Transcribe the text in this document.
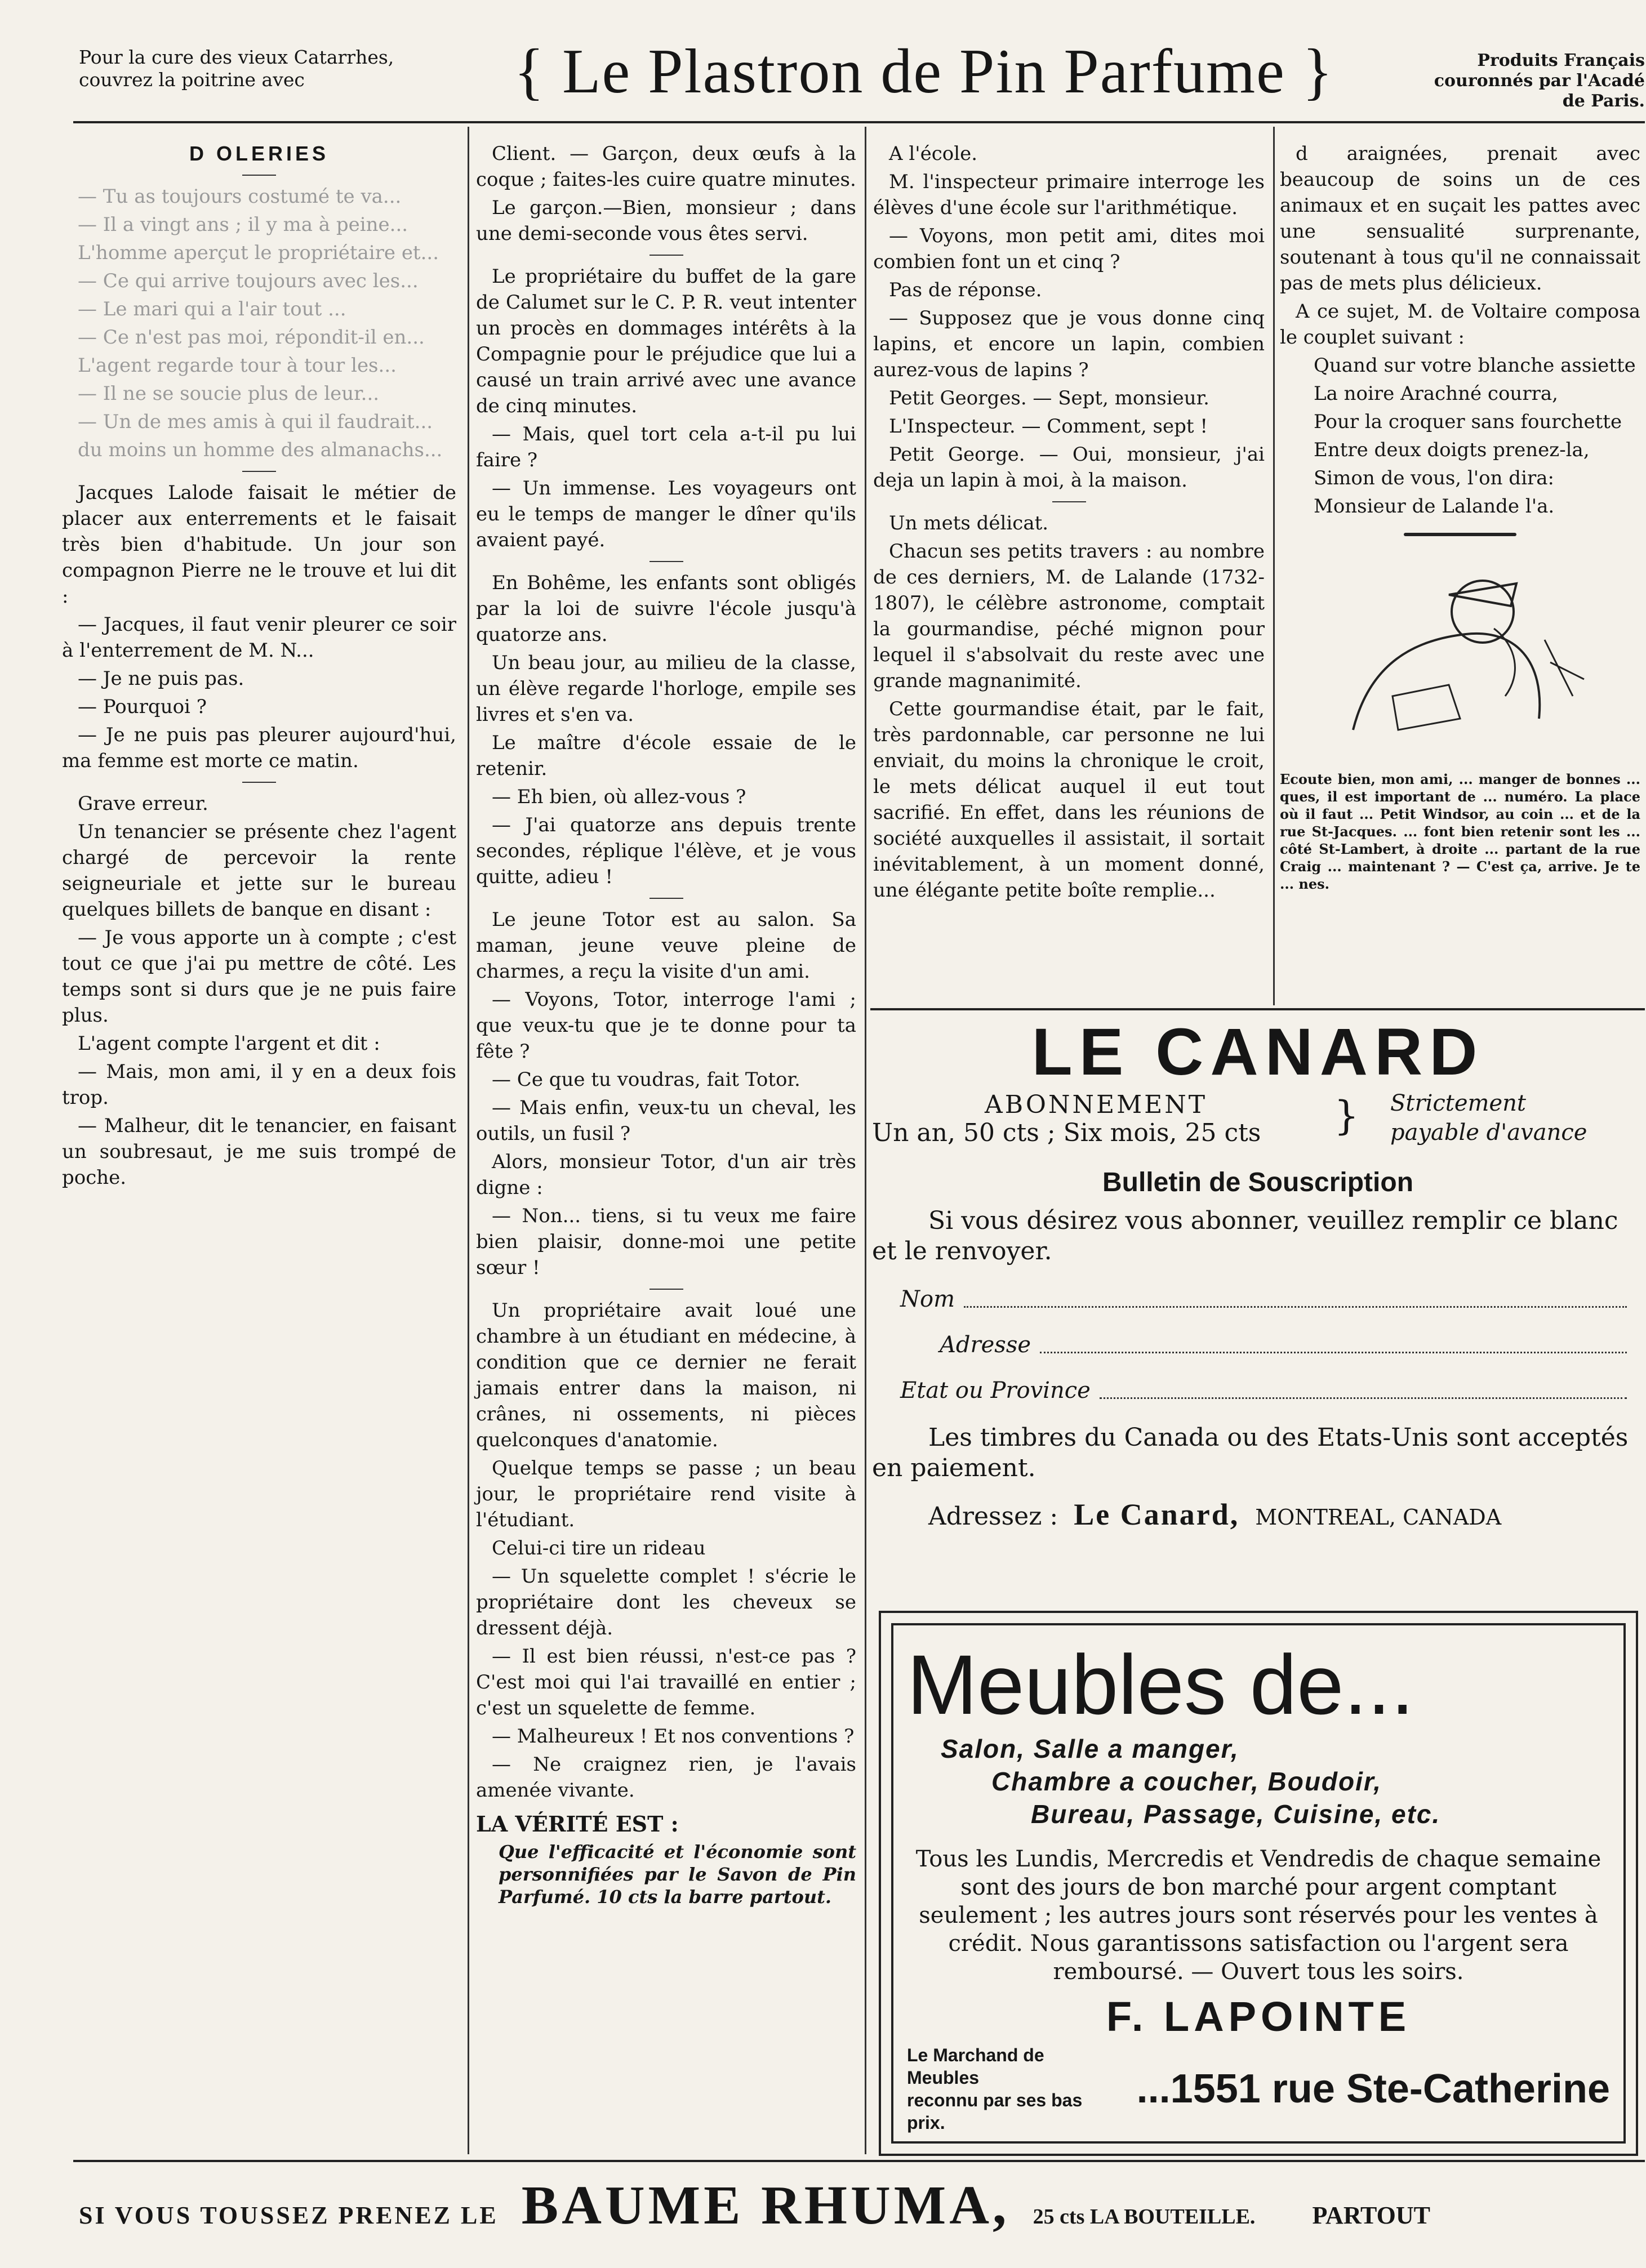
Pour la cure des vieux Catarrhes,
couvrez la poitrine avec	{ Le Plastron de Pin Parfume }	Produits Français
couronnés par l'Acadé
de Paris.
D OLERIES

— Tu as toujours costumé te va...

— Il a vingt ans ; il y ma à peine...

L'homme aperçut le propriétaire et...

— Ce qui arrive toujours avec les...

— Le mari qui a l'air tout ...

— Ce n'est pas moi, répondit-il en...

L'agent regarde tour à tour les...

— Il ne se soucie plus de leur...

— Un de mes amis à qui il faudrait...

du moins un homme des almanachs...

Jacques Lalode faisait le métier de placer aux enterrements et le faisait très bien d'habitude. Un jour son compagnon Pierre ne le trouve et lui dit :

— Jacques, il faut venir pleurer ce soir à l'enterrement de M. N...

— Je ne puis pas.

— Pourquoi ?

— Je ne puis pas pleurer aujourd'hui, ma femme est morte ce matin.

Grave erreur.

Un tenancier se présente chez l'agent chargé de percevoir la rente seigneuriale et jette sur le bureau quelques billets de banque en disant :

— Je vous apporte un à compte ; c'est tout ce que j'ai pu mettre de côté. Les temps sont si durs que je ne puis faire plus.

L'agent compte l'argent et dit :

— Mais, mon ami, il y en a deux fois trop.

— Malheur, dit le tenancier, en faisant un soubresaut, je me suis trompé de poche.

Client. — Garçon, deux œufs à la coque ; faites-les cuire quatre minutes.

Le garçon.—Bien, monsieur ; dans une demi-seconde vous êtes servi.

Le propriétaire du buffet de la gare de Calumet sur le C. P. R. veut intenter un procès en dommages intérêts à la Compagnie pour le préjudice que lui a causé un train arrivé avec une avance de cinq minutes.

— Mais, quel tort cela a-t-il pu lui faire ?

— Un immense. Les voyageurs ont eu le temps de manger le dîner qu'ils avaient payé.

En Bohême, les enfants sont obligés par la loi de suivre l'école jusqu'à quatorze ans.

Un beau jour, au milieu de la classe, un élève regarde l'horloge, empile ses livres et s'en va.

Le maître d'école essaie de le retenir.

— Eh bien, où allez-vous ?

— J'ai quatorze ans depuis trente secondes, réplique l'élève, et je vous quitte, adieu !

Le jeune Totor est au salon. Sa maman, jeune veuve pleine de charmes, a reçu la visite d'un ami.

— Voyons, Totor, interroge l'ami ; que veux-tu que je te donne pour ta fête ?

— Ce que tu voudras, fait Totor.

— Mais enfin, veux-tu un cheval, les outils, un fusil ?

Alors, monsieur Totor, d'un air très digne :

— Non... tiens, si tu veux me faire bien plaisir, donne-moi une petite sœur !

Un propriétaire avait loué une chambre à un étudiant en médecine, à condition que ce dernier ne ferait jamais entrer dans la maison, ni crânes, ni ossements, ni pièces quelconques d'anatomie.

Quelque temps se passe ; un beau jour, le propriétaire rend visite à l'étudiant.

Celui-ci tire un rideau

— Un squelette complet ! s'écrie le propriétaire dont les cheveux se dressent déjà.

— Il est bien réussi, n'est-ce pas ? C'est moi qui l'ai travaillé en entier ; c'est un squelette de femme.

— Malheureux ! Et nos conventions ?

— Ne craignez rien, je l'avais amenée vivante.

LA VÉRITÉ EST :
Que l'efficacité et l'économie sont personnifiées par le Savon de Pin Parfumé. 10 cts la barre partout.

A l'école.

M. l'inspecteur primaire interroge les élèves d'une école sur l'arithmétique.

— Voyons, mon petit ami, dites moi combien font un et cinq ?

Pas de réponse.

— Supposez que je vous donne cinq lapins, et encore un lapin, combien aurez-vous de lapins ?

Petit Georges. — Sept, monsieur.

L'Inspecteur. — Comment, sept !

Petit George. — Oui, monsieur, j'ai deja un lapin à moi, à la maison.

Un mets délicat.

Chacun ses petits travers : au nombre de ces derniers, M. de Lalande (1732-1807), le célèbre astronome, comptait la gourmandise, péché mignon pour lequel il s'absolvait du reste avec une grande magnanimité.

Cette gourmandise était, par le fait, très pardonnable, car personne ne lui enviait, du moins la chronique le croit, le mets délicat auquel il eut tout sacrifié. En effet, dans les réunions de société auxquelles il assistait, il sortait inévitablement, à un moment donné, une élégante petite boîte remplie...

d araignées, prenait avec beaucoup de soins un de ces animaux et en suçait les pattes avec une sensualité surprenante, soutenant à tous qu'il ne connaissait pas de mets plus délicieux.

A ce sujet, M. de Voltaire composa le couplet suivant :

Quand sur votre blanche assiette

La noire Arachné courra,

Pour la croquer sans fourchette

Entre deux doigts prenez-la,

Simon de vous, l'on dira:

Monsieur de Lalande l'a.

Ecoute bien, mon ami, ... manger de bonnes ... ques, il est important de ... numéro. La place où il faut ... Petit Windsor, au coin ... et de la rue St-Jacques. ... font bien retenir sont les ... côté St-Lambert, à droite ... partant de la rue Craig ... maintenant ? — C'est ça, arrive. Je te ... nes.
LE CANARD
ABONNEMENT
Un an, 50 cts ; Six mois, 25 cts } Strictement
payable d'avance
Bulletin de Souscription
Si vous désirez vous abonner, veuillez remplir ce blanc et le renvoyer.
Nom
Adresse
Etat ou Province
Les timbres du Canada ou des Etats-Unis sont acceptés en paiement.
Adressez : Le Canard, MONTREAL, CANADA
Meubles de...
Salon, Salle a manger,
Chambre a coucher, Boudoir,
Bureau, Passage, Cuisine, etc.
Tous les Lundis, Mercredis et Vendredis de chaque semaine sont des jours de bon marché pour argent comptant seulement ; les autres jours sont réservés pour les ventes à crédit. Nous garantissons satisfaction ou l'argent sera remboursé. — Ouvert tous les soirs.
F. LAPOINTE
Le Marchand de Meubles
reconnu par ses bas prix.
...1551 rue Ste-Catherine
SI VOUS TOUSSEZ PRENEZ LE BAUME RHUMA, 25 cts LA BOUTEILLE. PARTOUT
